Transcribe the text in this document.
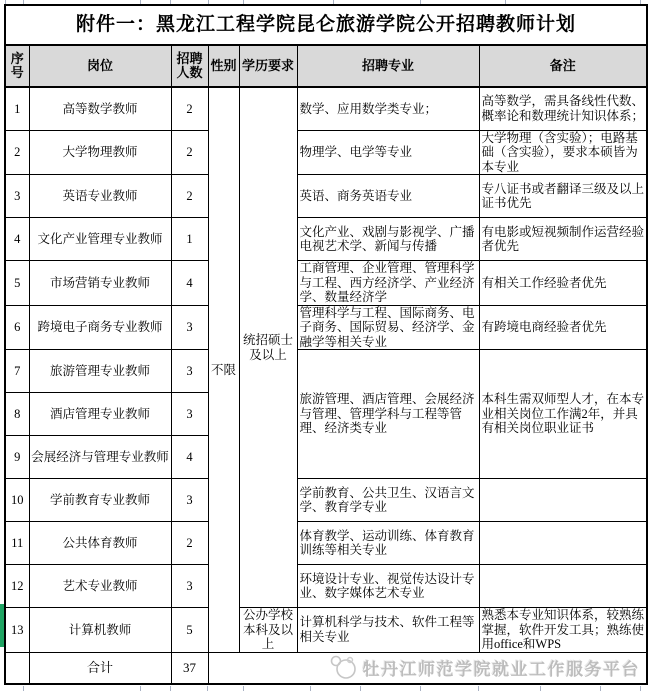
附件一：黑龙江工程学院昆仑旅游学院公开招聘教师计划						
序号	岗位	招聘人数	性别	学历要求	招聘专业	备注
1	高等数学教师	2	不限	统招硕士及以上	数学、应用数学类专业；	高等数学，需具备线性代数、概率论和数理统计知识体系；
2	大学物理教师	2			物理学、电学等专业	大学物理（含实验）；电路基础（含实验），要求本硕皆为本专业
3	英语专业教师	2			英语、商务英语专业	专八证书或者翻译三级及以上证书优先
4	文化产业管理专业教师	1			文化产业、戏剧与影视学、广播电视艺术学、新闻与传播	有电影或短视频制作运营经验者优先
5	市场营销专业教师	4			工商管理、企业管理、管理科学与工程、西方经济学、产业经济学、数量经济学	有相关工作经验者优先
6	跨境电子商务专业教师	3			管理科学与工程、国际商务、电子商务、国际贸易、经济学、金融学等相关专业	有跨境电商经验者优先
7	旅游管理专业教师	3			旅游管理、酒店管理、会展经济与管理、管理学科与工程等管理、经济类专业	本科生需双师型人才，在本专业相关岗位工作满2年，并具有相关岗位职业证书
8	酒店管理专业教师	3				
9	会展经济与管理专业教师	4				
10	学前教育专业教师	3			学前教育、公共卫生、汉语言文学、教育学专业	
11	公共体育教师	2			体育教学、运动训练、体育教育训练等相关专业	
12	艺术专业教师	3			环境设计专业、视觉传达设计专业、数字媒体艺术专业	
13	计算机教师	5		公办学校本科及以上	计算机科学与技术、软件工程等相关专业	熟悉本专业知识体系，较熟练掌握，软件开发工具；熟练使用office和WPS
	合计	37					牡丹江师范学院就业工作服务平台
